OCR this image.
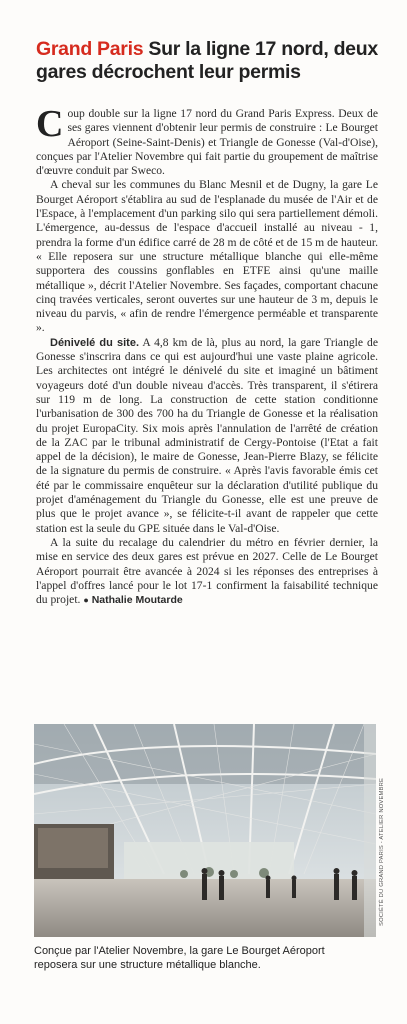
Grand Paris Sur la ligne 17 nord, deux gares décrochent leur permis

Coup double sur la ligne 17 nord du Grand Paris Express. Deux de ses gares viennent d'obtenir leur permis de construire : Le Bourget Aéroport (Seine-Saint-Denis) et Triangle de Gonesse (Val-d'Oise), conçues par l'Atelier Novembre qui fait partie du groupement de maîtrise d'œuvre conduit par Sweco.

A cheval sur les communes du Blanc Mesnil et de Dugny, la gare Le Bourget Aéroport s'établira au sud de l'esplanade du musée de l'Air et de l'Espace, à l'emplacement d'un parking silo qui sera partiellement démoli. L'émergence, au-dessus de l'espace d'accueil installé au niveau - 1, prendra la forme d'un édifice carré de 28 m de côté et de 15 m de hauteur. « Elle reposera sur une structure métallique blanche qui elle-même supportera des coussins gonflables en ETFE ainsi qu'une maille métallique », décrit l'Atelier Novembre. Ses façades, comportant chacune cinq travées verticales, seront ouvertes sur une hauteur de 3 m, depuis le niveau du parvis, « afin de rendre l'émergence perméable et transparente ».

Dénivelé du site. A 4,8 km de là, plus au nord, la gare Triangle de Gonesse s'inscrira dans ce qui est aujourd'hui une vaste plaine agricole. Les architectes ont intégré le dénivelé du site et imaginé un bâtiment voyageurs doté d'un double niveau d'accès. Très transparent, il s'étirera sur 119 m de long. La construction de cette station conditionne l'urbanisation de 300 des 700 ha du Triangle de Gonesse et la réalisation du projet EuropaCity. Six mois après l'annulation de l'arrêté de création de la ZAC par le tribunal administratif de Cergy-Pontoise (l'Etat a fait appel de la décision), le maire de Gonesse, Jean-Pierre Blazy, se félicite de la signature du permis de construire. « Après l'avis favorable émis cet été par le commissaire enquêteur sur la déclaration d'utilité publique du projet d'aménagement du Triangle du Gonesse, elle est une preuve de plus que le projet avance », se félicite-t-il avant de rappeler que cette station est la seule du GPE située dans le Val-d'Oise.

A la suite du recalage du calendrier du métro en février dernier, la mise en service des deux gares est prévue en 2027. Celle de Le Bourget Aéroport pourrait être avancée à 2024 si les réponses des entreprises à l'appel d'offres lancé pour le lot 17-1 confirment la faisabilité technique du projet. ● Nathalie Moutarde

SOCIÉTÉ DU GRAND PARIS - ATELIER NOVEMBRE
Conçue par l'Atelier Novembre, la gare Le Bourget Aéroport reposera sur une structure métallique blanche.
